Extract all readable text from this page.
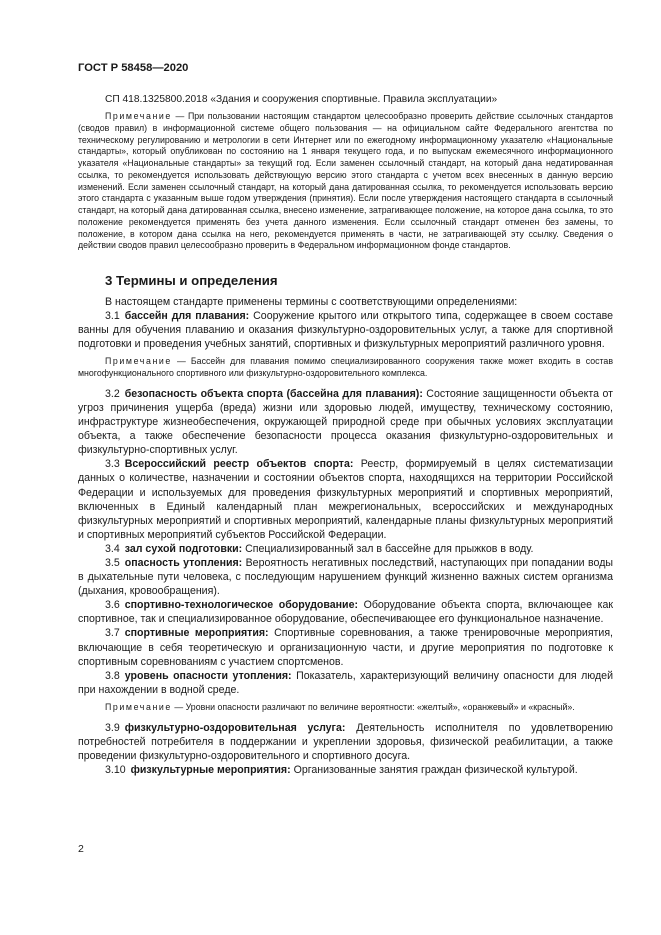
ГОСТ Р 58458—2020

СП 418.1325800.2018 «Здания и сооружения спортивные. Правила эксплуатации»

Примечание — При пользовании настоящим стандартом целесообразно проверить действие ссылочных стандартов (сводов правил) в информационной системе общего пользования — на официальном сайте Федерального агентства по техническому регулированию и метрологии в сети Интернет или по ежегодному информационному указателю «Национальные стандарты», который опубликован по состоянию на 1 января текущего года, и по выпускам ежемесячного информационного указателя «Национальные стандарты» за текущий год. Если заменен ссылочный стандарт, на который дана недатированная ссылка, то рекомендуется использовать действующую версию этого стандарта с учетом всех внесенных в данную версию изменений. Если заменен ссылочный стандарт, на который дана датированная ссылка, то рекомендуется использовать версию этого стандарта с указанным выше годом утверждения (принятия). Если после утверждения настоящего стандарта в ссылочный стандарт, на который дана датированная ссылка, внесено изменение, затрагивающее положение, на которое дана ссылка, то это положение рекомендуется применять без учета данного изменения. Если ссылочный стандарт отменен без замены, то положение, в котором дана ссылка на него, рекомендуется применять в части, не затрагивающей эту ссылку. Сведения о действии сводов правил целесообразно проверить в Федеральном информационном фонде стандартов.

3 Термины и определения

В настоящем стандарте применены термины с соответствующими определениями:

3.1 бассейн для плавания: Сооружение крытого или открытого типа, содержащее в своем составе ванны для обучения плаванию и оказания физкультурно-оздоровительных услуг, а также для спортивной подготовки и проведения учебных занятий, спортивных и физкультурных мероприятий различного уровня.

Примечание — Бассейн для плавания помимо специализированного сооружения также может входить в состав многофункционального спортивного или физкультурно-оздоровительного комплекса.

3.2 безопасность объекта спорта (бассейна для плавания): Состояние защищенности объекта от угроз причинения ущерба (вреда) жизни или здоровью людей, имуществу, техническому состоянию, инфраструктуре жизнеобеспечения, окружающей природной среде при обычных условиях эксплуатации объекта, а также обеспечение безопасности процесса оказания физкультурно-оздоровительных и физкультурно-спортивных услуг.

3.3 Всероссийский реестр объектов спорта: Реестр, формируемый в целях систематизации данных о количестве, назначении и состоянии объектов спорта, находящихся на территории Российской Федерации и используемых для проведения физкультурных мероприятий и спортивных мероприятий, включенных в Единый календарный план межрегиональных, всероссийских и международных физкультурных мероприятий и спортивных мероприятий, календарные планы физкультурных мероприятий и спортивных мероприятий субъектов Российской Федерации.

3.4 зал сухой подготовки: Специализированный зал в бассейне для прыжков в воду.

3.5 опасность утопления: Вероятность негативных последствий, наступающих при попадании воды в дыхательные пути человека, с последующим нарушением функций жизненно важных систем организма (дыхания, кровообращения).

3.6 спортивно-технологическое оборудование: Оборудование объекта спорта, включающее как спортивное, так и специализированное оборудование, обеспечивающее его функциональное назначение.

3.7 спортивные мероприятия: Спортивные соревнования, а также тренировочные мероприятия, включающие в себя теоретическую и организационную части, и другие мероприятия по подготовке к спортивным соревнованиям с участием спортсменов.

3.8 уровень опасности утопления: Показатель, характеризующий величину опасности для людей при нахождении в водной среде.

Примечание — Уровни опасности различают по величине вероятности: «желтый», «оранжевый» и «красный».

3.9 физкультурно-оздоровительная услуга: Деятельность исполнителя по удовлетворению потребностей потребителя в поддержании и укреплении здоровья, физической реабилитации, а также проведении физкультурно-оздоровительного и спортивного досуга.

3.10 физкультурные мероприятия: Организованные занятия граждан физической культурой.

2
